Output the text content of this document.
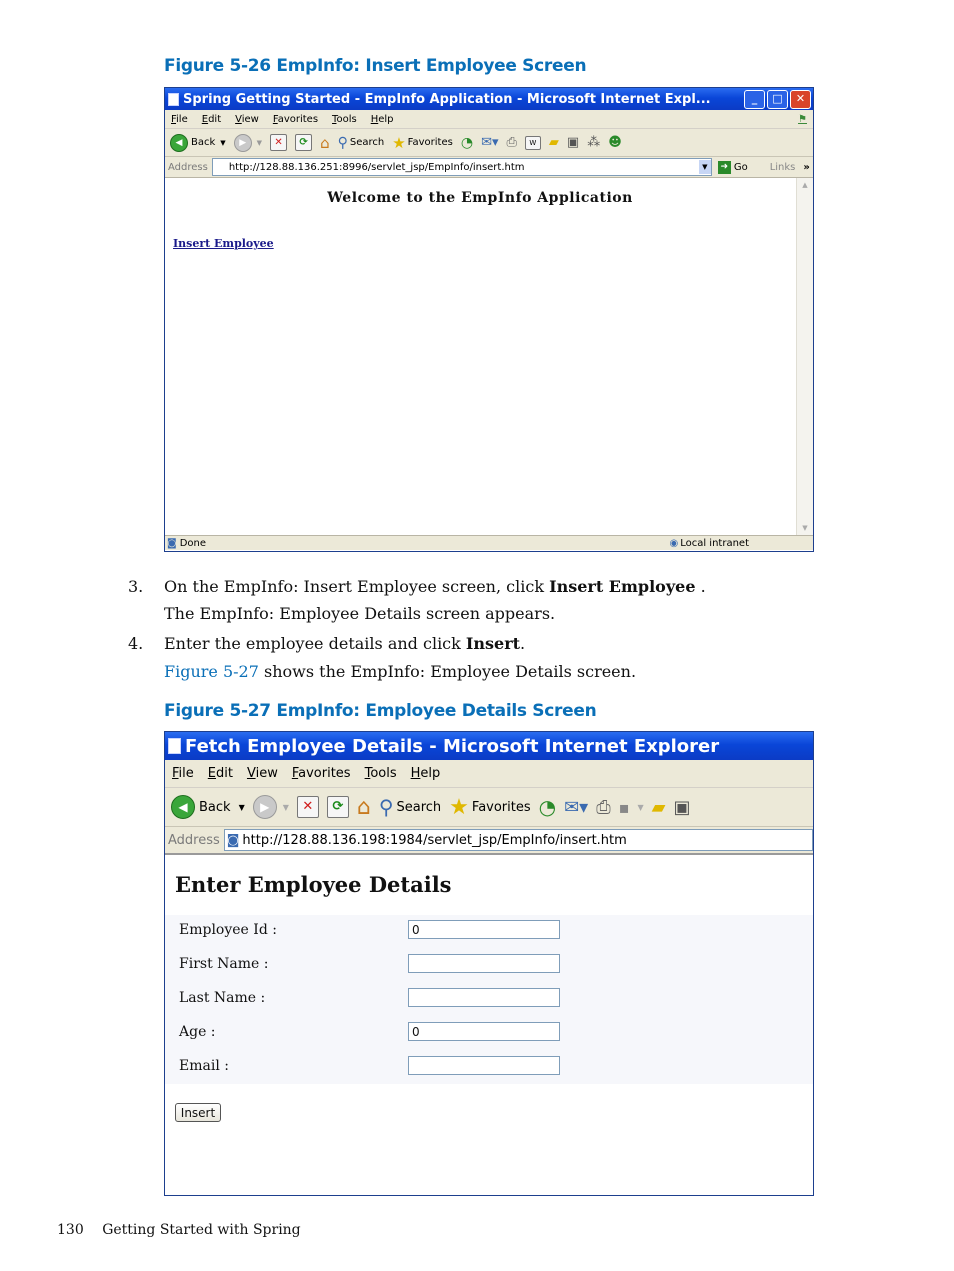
Figure 5-26 EmpInfo: Insert Employee Screen
Spring Getting Started - EmpInfo Application - Microsoft Internet Expl...	_	□	✕
File Edit View Favorites Tools Help	⚑
◀
Back ▼ ▶	▼	✕	⟳ ⌂ ⚲ Search ★ Favorites ◔ ✉▾ ⎙	W ▰ ▣ ⁂ ☻
Address http://128.88.136.251:8996/servlet_jsp/EmpInfo/insert.htm	▼	➜ Go Links »
Welcome to the EmpInfo Application
Insert Employee
▲
▼
◙ Done	◉ Local intranet
3. On the EmpInfo: Insert Employee screen, click Insert Employee .
The EmpInfo: Employee Details screen appears.
4. Enter the employee details and click Insert.
Figure 5-27 shows the EmpInfo: Employee Details screen.
Figure 5-27 EmpInfo: Employee Details Screen
Fetch Employee Details - Microsoft Internet Explorer
File Edit View Favorites Tools Help
◀
Back ▼ ▶	▼	✕	⟳ ⌂ ⚲ Search ★ Favorites ◔ ✉▾ ⎙ ▪ ▼ ▰ ▣
Address ◙ http://128.88.136.198:1984/servlet_jsp/EmpInfo/insert.htm
Enter Employee Details
Employee Id :	0
First Name :
Last Name :
Age :	0
Email :
Insert
130 Getting Started with Spring
